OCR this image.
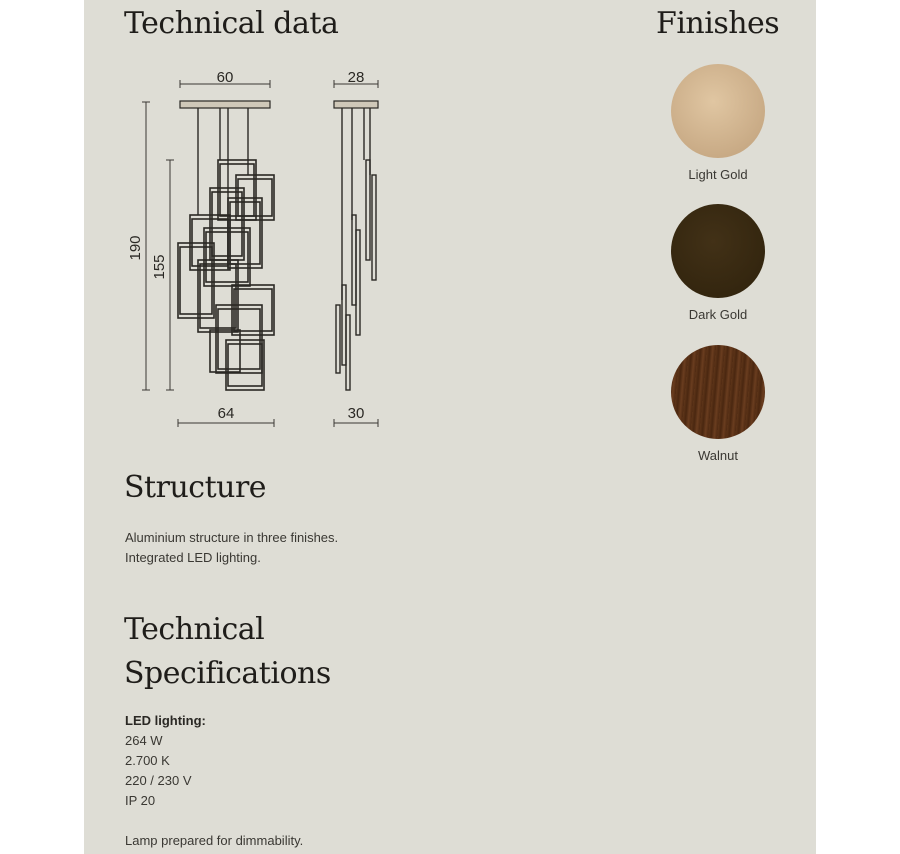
Technical data	Finishes
60
190
155
64
28
30
Light Gold
Dark Gold
Walnut
Structure
Aluminium structure in three finishes.
Integrated LED lighting.
Technical
Specifications
LED lighting:
264 W
2.700 K
220 / 230 V
IP 20
Lamp prepared for dimmability.
